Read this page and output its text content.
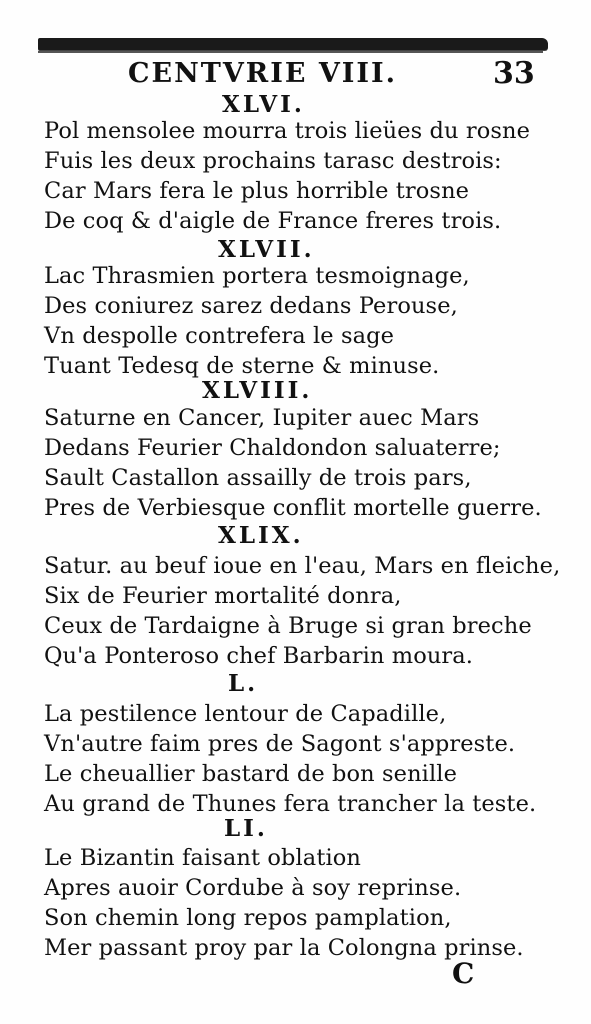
CENTVRIE VIII.	33
XLVI.
Pol mensolee mourra trois lieües du rosne
Fuis les deux prochains tarasc destrois:
Car Mars fera le plus horrible trosne
De coq & d'aigle de France freres trois.
XLVII.
Lac Thrasmien portera tesmoignage,
Des coniurez sarez dedans Perouse,
Vn despolle contrefera le sage
Tuant Tedesq de sterne & minuse.
XLVIII.
Saturne en Cancer, Iupiter auec Mars
Dedans Feurier Chaldondon saluaterre;
Sault Castallon assailly de trois pars,
Pres de Verbiesque conflit mortelle guerre.
XLIX.
Satur. au beuf ioue en l'eau, Mars en fleiche,
Six de Feurier mortalité donra,
Ceux de Tardaigne à Bruge si gran breche
Qu'a Ponteroso chef Barbarin moura.
L.
La pestilence lentour de Capadille,
Vn'autre faim pres de Sagont s'appreste.
Le cheuallier bastard de bon senille
Au grand de Thunes fera trancher la teste.
LI.
Le Bizantin faisant oblation
Apres auoir Cordube à soy reprinse.
Son chemin long repos pamplation,
Mer passant proy par la Colongna prinse.
C
